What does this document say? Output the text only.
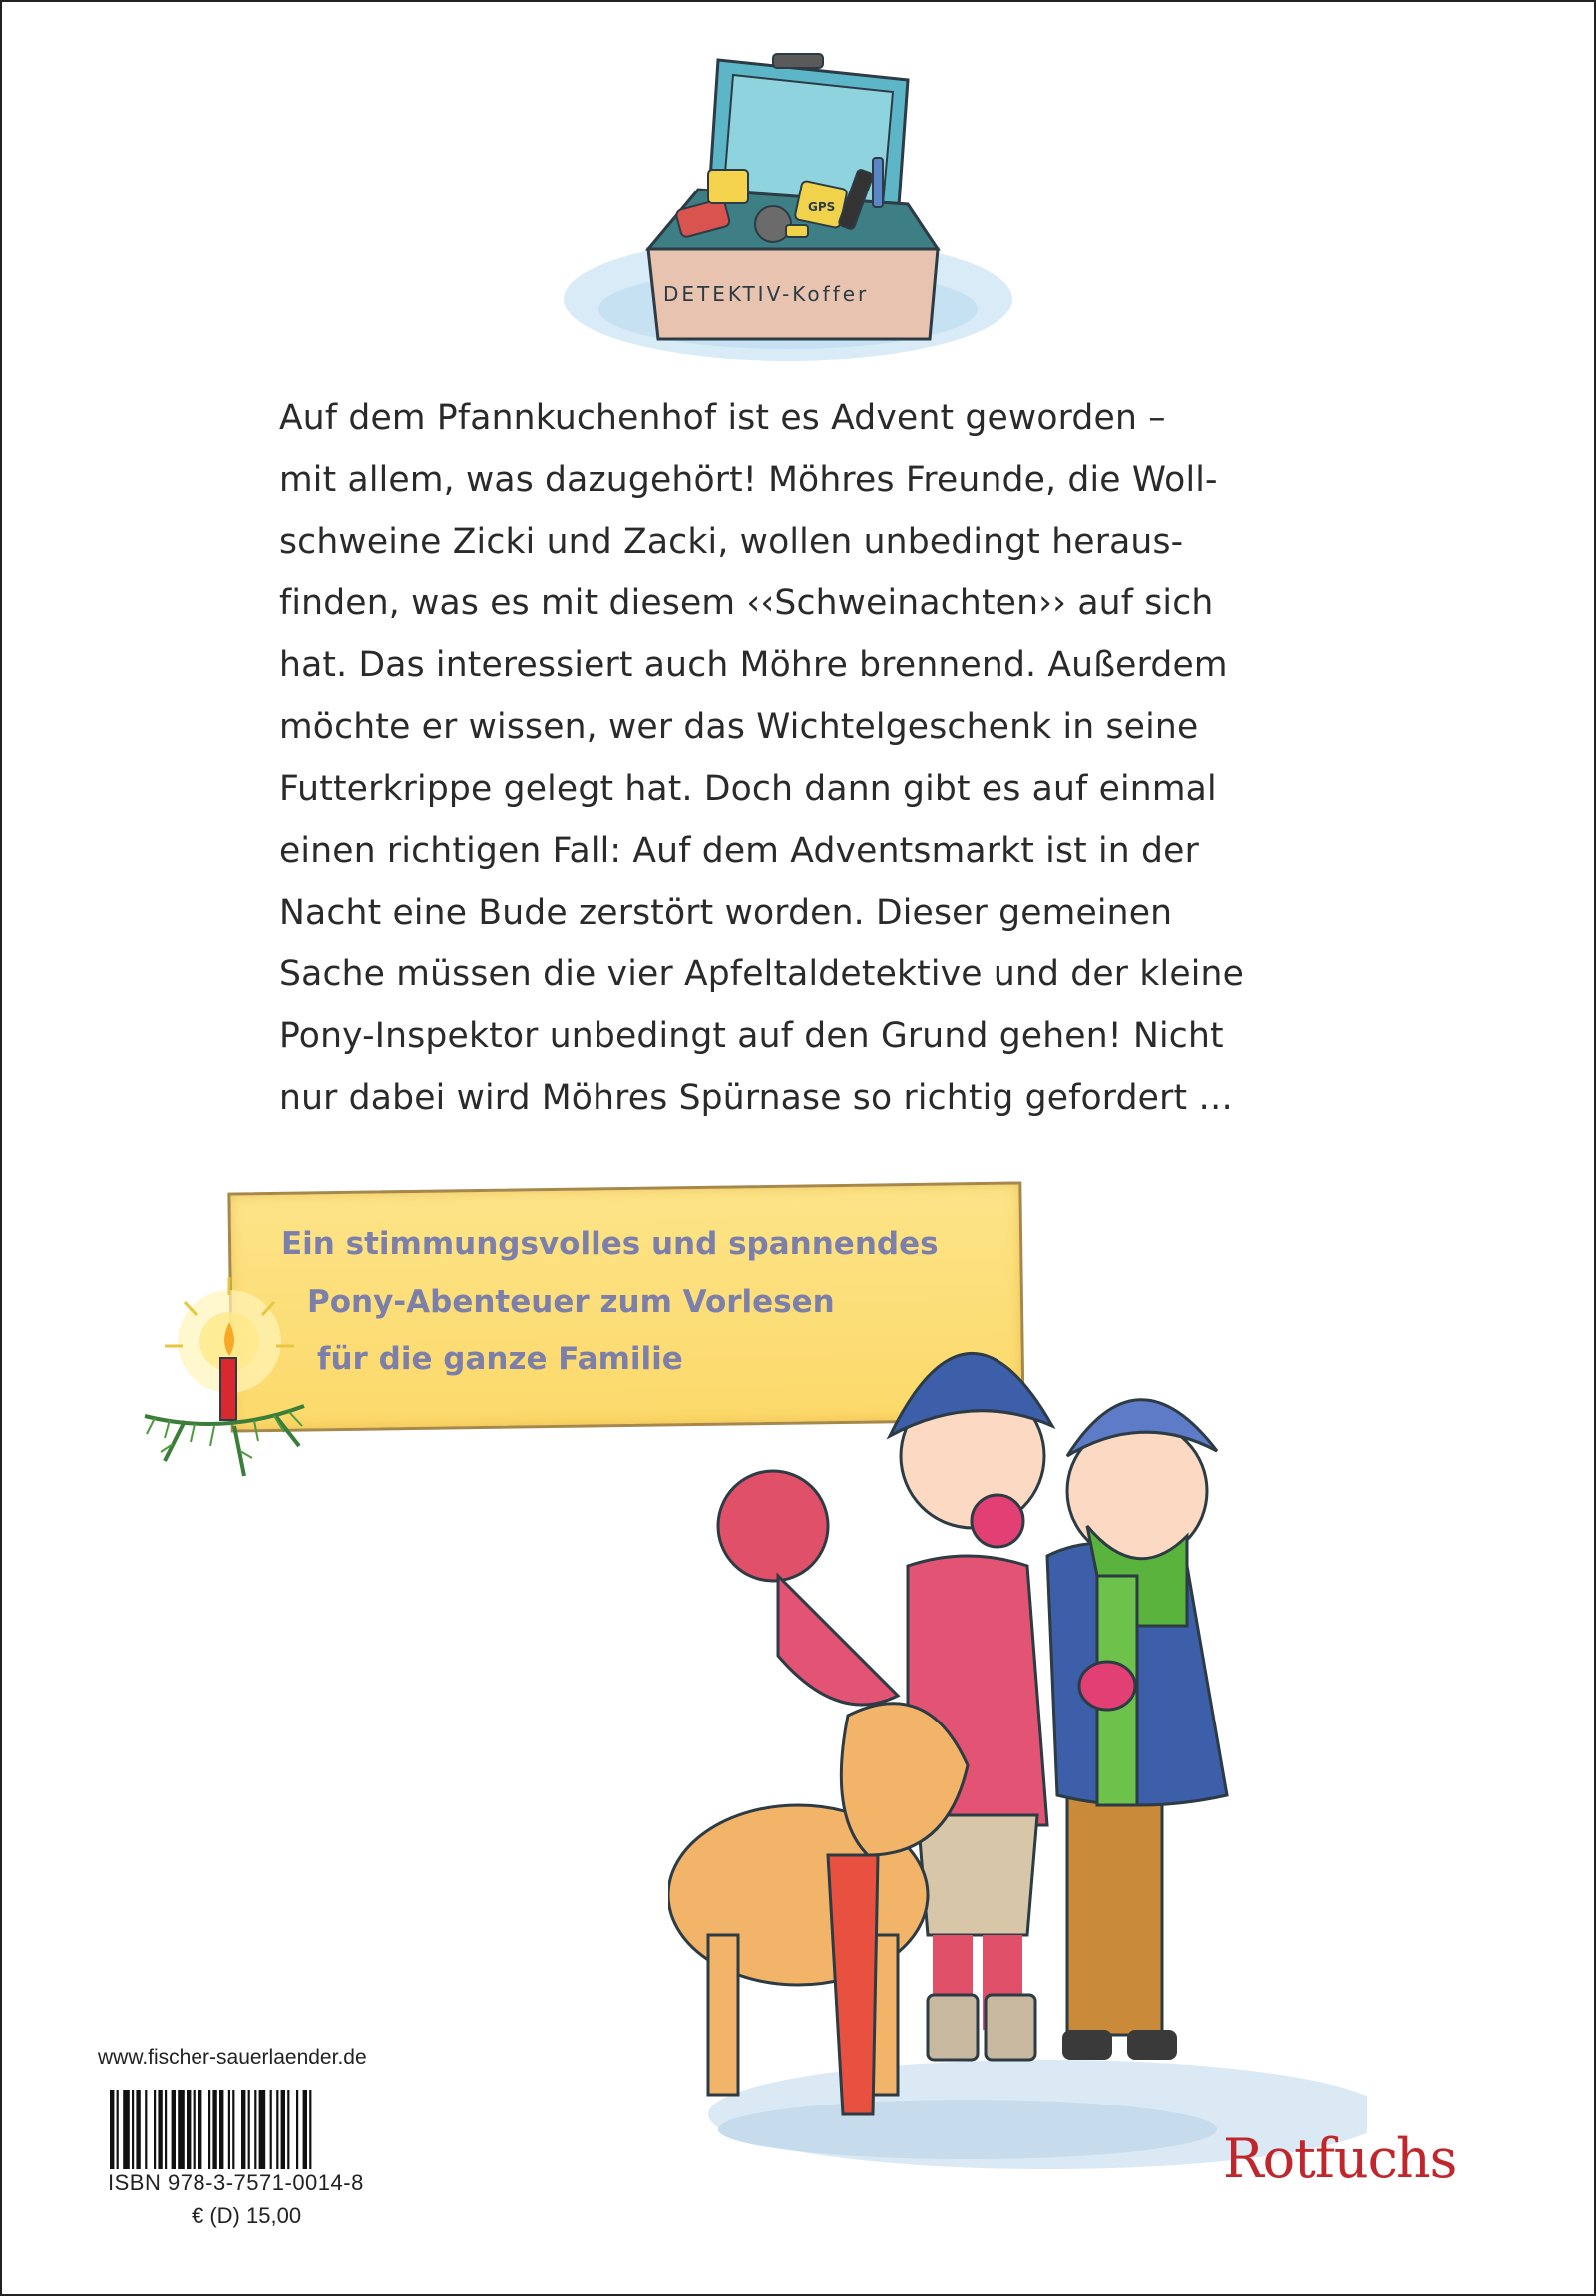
GPS
DETEKTIV-Koffer
Auf dem Pfannkuchenhof ist es Advent geworden –
mit allem, was dazugehört! Möhres Freunde, die Woll-
schweine Zicki und Zacki, wollen unbedingt heraus-
finden, was es mit diesem ‹‹Schweinachten›› auf sich
hat. Das interessiert auch Möhre brennend. Außerdem
möchte er wissen, wer das Wichtelgeschenk in seine
Futterkrippe gelegt hat. Doch dann gibt es auf einmal
einen richtigen Fall: Auf dem Adventsmarkt ist in der
Nacht eine Bude zerstört worden. Dieser gemeinen
Sache müssen die vier Apfeltaldetektive und der kleine
Pony-Inspektor unbedingt auf den Grund gehen! Nicht
nur dabei wird Möhres Spürnase so richtig gefordert …
Ein stimmungsvolles und spannendes
Pony-Abenteuer zum Vorlesen
für die ganze Familie
www.fischer-sauerlaender.de
ISBN 978-3-7571-0014-8
€ (D) 15,00
Rotfuchs
